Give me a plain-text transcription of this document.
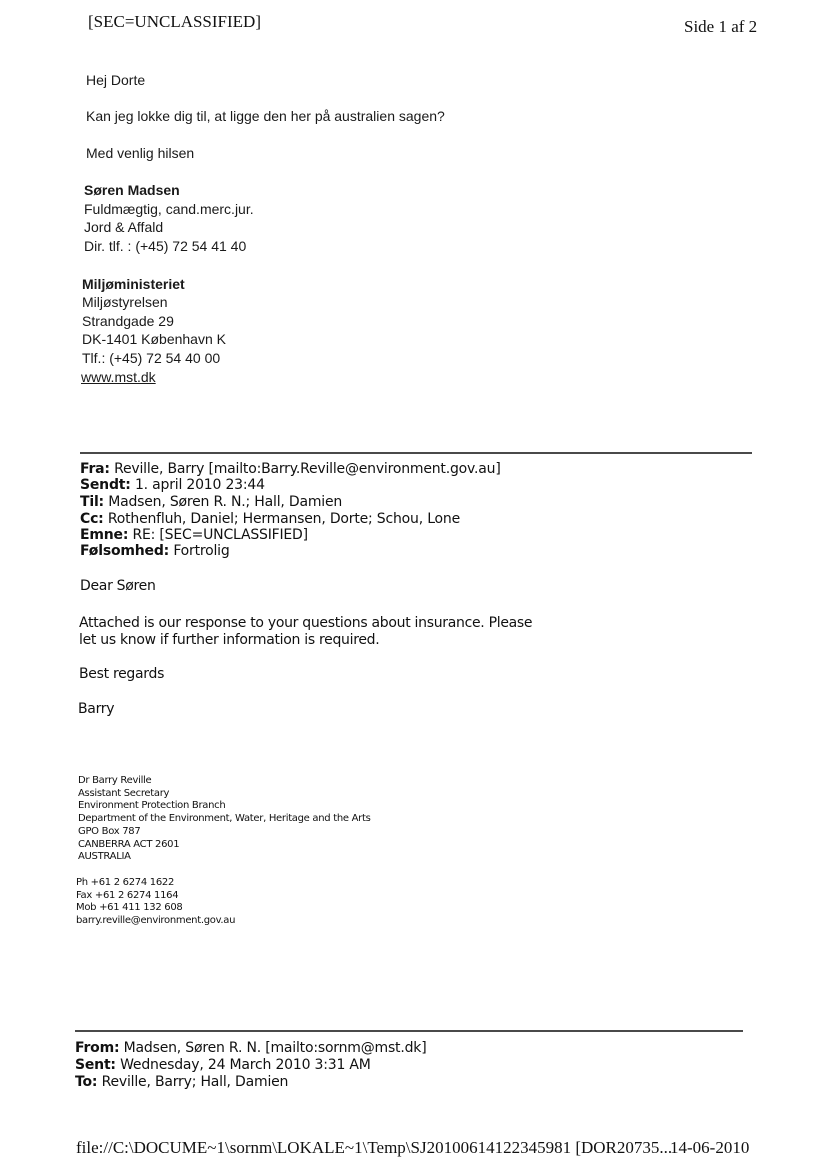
[SEC=UNCLASSIFIED]	Side 1 af 2
Hej Dorte
Kan jeg lokke dig til, at ligge den her på australien sagen?
Med venlig hilsen
Søren Madsen
Fuldmægtig, cand.merc.jur.
Jord & Affald
Dir. tlf. : (+45) 72 54 41 40
Miljøministeriet
Miljøstyrelsen
Strandgade 29
DK-1401 København K
Tlf.: (+45) 72 54 40 00
www.mst.dk
Fra: Reville, Barry [mailto:Barry.Reville@environment.gov.au]
Sendt: 1. april 2010 23:44
Til: Madsen, Søren R. N.; Hall, Damien
Cc: Rothenfluh, Daniel; Hermansen, Dorte; Schou, Lone
Emne: RE: [SEC=UNCLASSIFIED]
Følsomhed: Fortrolig
Dear Søren
Attached is our response to your questions about insurance. Please
let us know if further information is required.
Best regards
Barry
Dr Barry Reville
Assistant Secretary
Environment Protection Branch
Department of the Environment, Water, Heritage and the Arts
GPO Box 787
CANBERRA ACT 2601
AUSTRALIA
Ph +61 2 6274 1622
Fax +61 2 6274 1164
Mob +61 411 132 608
barry.reville@environment.gov.au
From: Madsen, Søren R. N. [mailto:sornm@mst.dk]
Sent: Wednesday, 24 March 2010 3:31 AM
To: Reville, Barry; Hall, Damien
file://C:\DOCUME~1\sornm\LOKALE~1\Temp\SJ20100614122345981 [DOR20735...
14-06-2010
